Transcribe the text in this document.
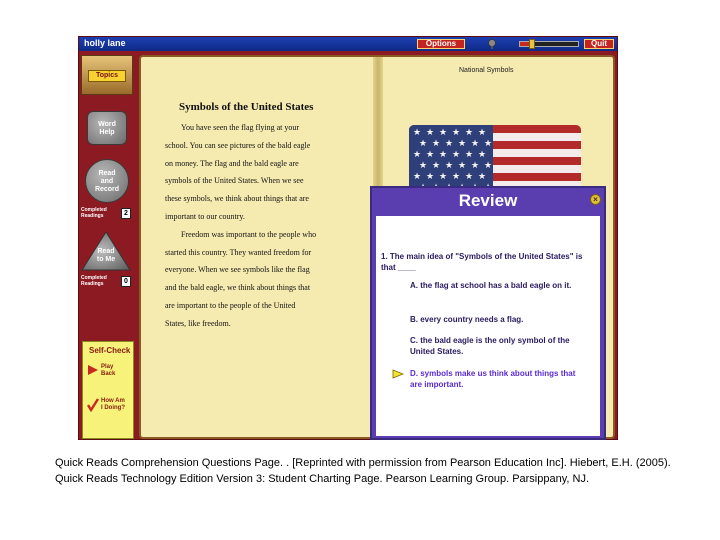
holly lane	Options	Quit
Topics
Word
Help
Read
and
Record
Completed
Readings	2
Read
to Me
Completed
Readings	0
Self-Check
Play
Back
How Am
I Doing?
National Symbols
Symbols of the United States
You have seen the flag flying at your
school. You can see pictures of the bald eagle
on money. The flag and the bald eagle are
symbols of the United States. When we see
these symbols, we think about things that are
important to our country.
Freedom was important to the people who
started this country. They wanted freedom for
everyone. When we see symbols like the flag
and the bald eagle, we think about things that
are important to the people of the United
States, like freedom.
★ ★ ★ ★ ★ ★
★ ★ ★ ★ ★ ★
★ ★ ★ ★ ★ ★
★ ★ ★ ★ ★ ★
★ ★ ★ ★ ★ ★
Review	×
1. The main idea of "Symbols of the United States" is that ____
A. the flag at school has a bald eagle on it.
B. every country needs a flag.
C. the bald eagle is the only symbol of the United States.
D. symbols make us think about things that are important.
Quick Reads Comprehension Questions Page. . [Reprinted with permission from Pearson Education Inc]. Hiebert, E.H. (2005). Quick Reads Technology Edition Version 3: Student Charting Page. Pearson Learning Group. Parsippany, NJ.
